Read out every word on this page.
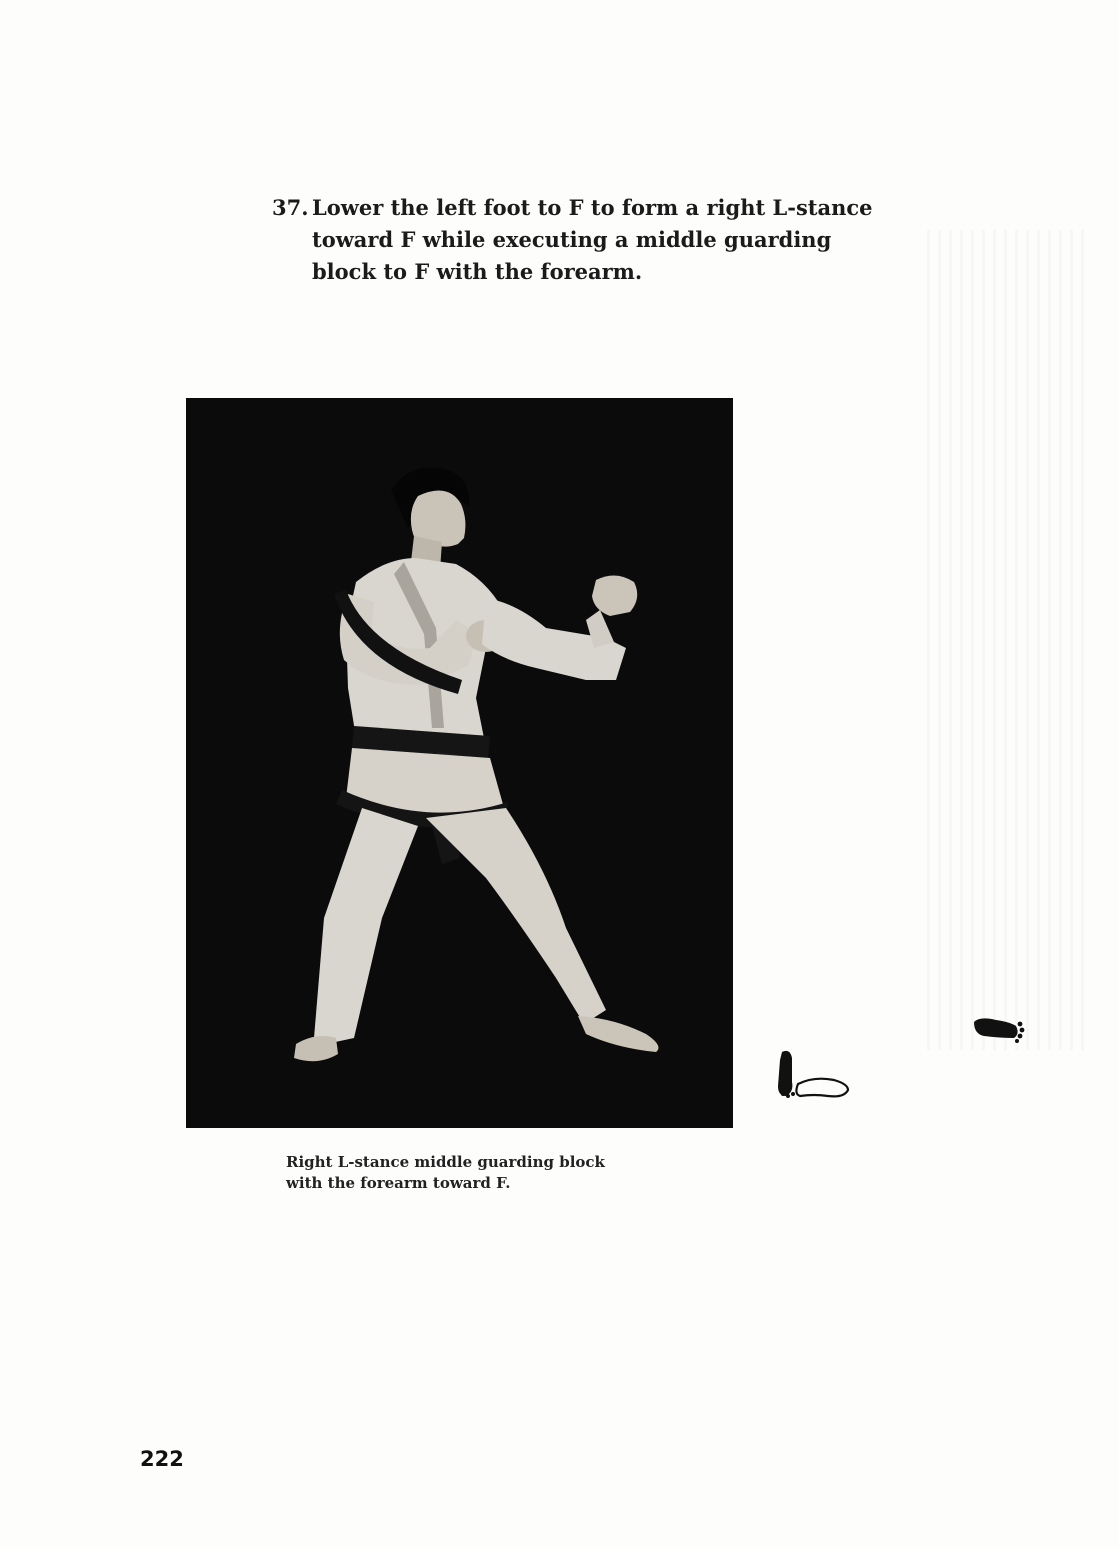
37. Lower the left foot to F to form a right L-stance toward F while executing a middle guarding block to F with the forearm.
Right L-stance middle guarding block
with the forearm toward F.
222
